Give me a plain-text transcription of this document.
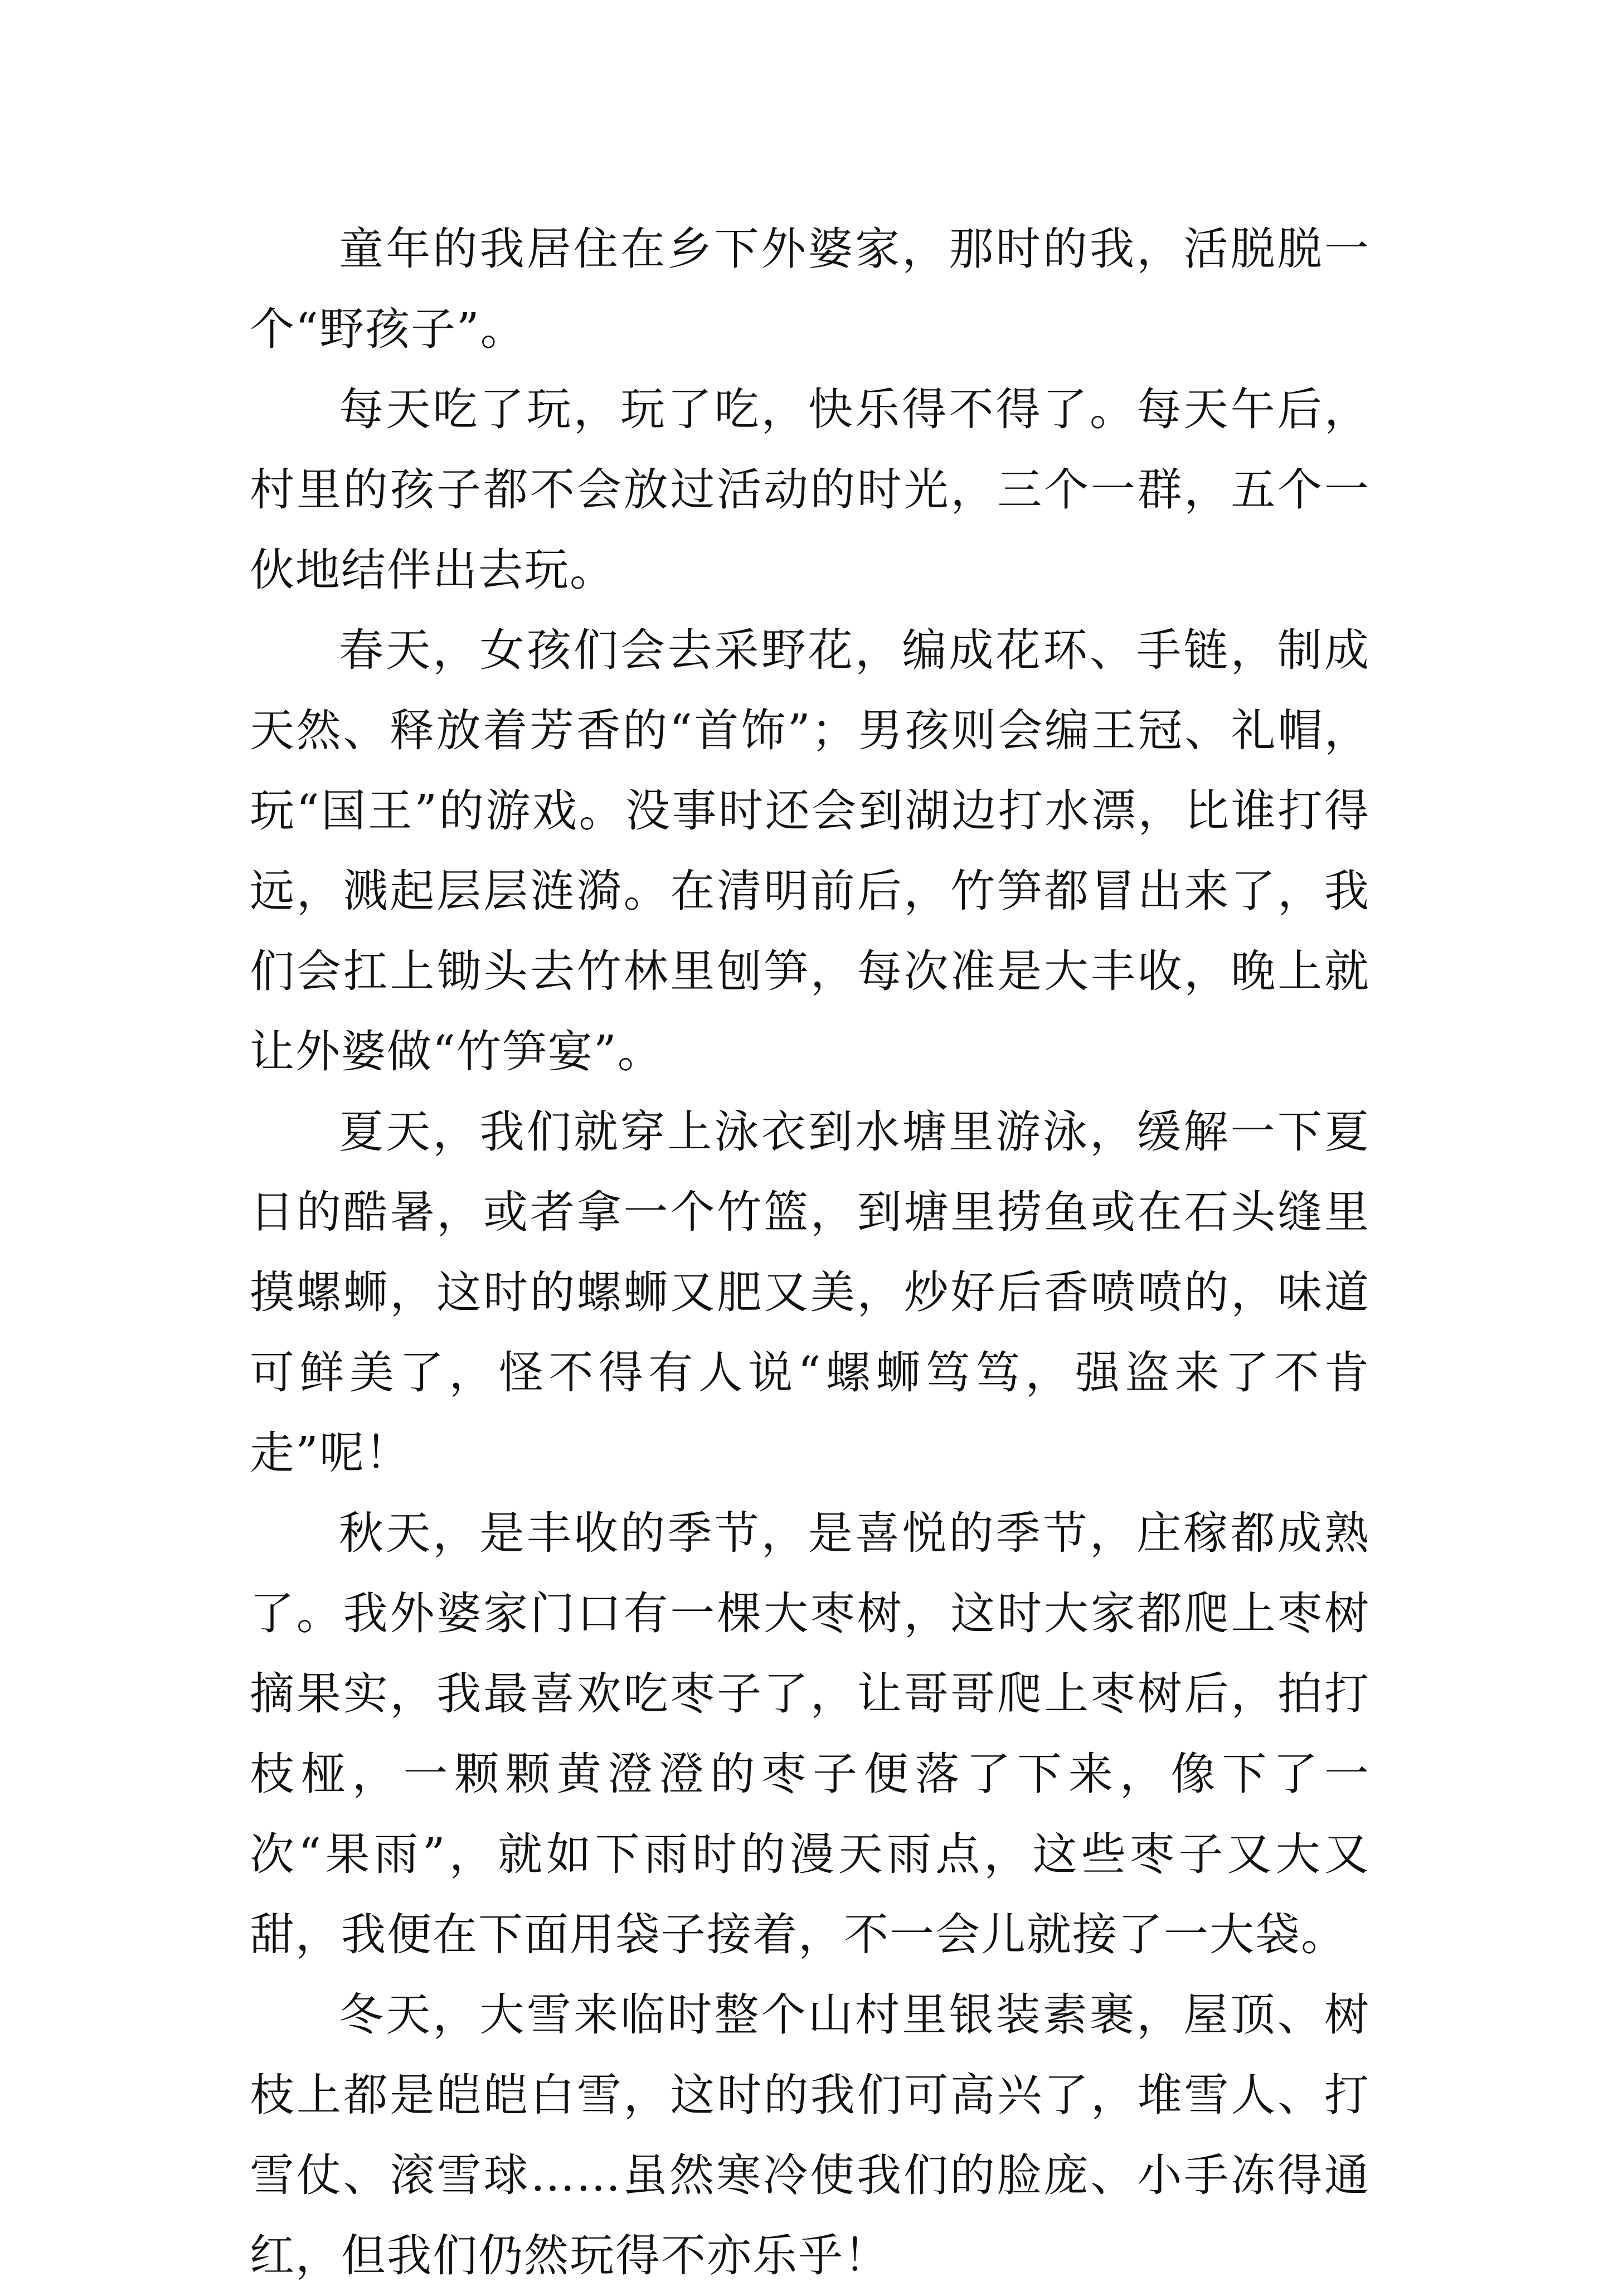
童年的我居住在乡下外婆家，那时的我，活脱脱一个“野孩子”。

每天吃了玩，玩了吃，快乐得不得了。每天午后，村里的孩子都不会放过活动的时光，三个一群，五个一伙地结伴出去玩。

春天，女孩们会去采野花，编成花环、手链，制成天然、释放着芳香的“首饰”；男孩则会编王冠、礼帽，玩“国王”的游戏。没事时还会到湖边打水漂，比谁打得远，溅起层层涟漪。在清明前后，竹笋都冒出来了，我们会扛上锄头去竹林里刨笋，每次准是大丰收，晚上就让外婆做“竹笋宴”。

夏天，我们就穿上泳衣到水塘里游泳，缓解一下夏日的酷暑，或者拿一个竹篮，到塘里捞鱼或在石头缝里摸螺蛳，这时的螺蛳又肥又美，炒好后香喷喷的，味道可鲜美了，怪不得有人说“螺蛳笃笃，强盗来了不肯走”呢！

秋天，是丰收的季节，是喜悦的季节，庄稼都成熟了。我外婆家门口有一棵大枣树，这时大家都爬上枣树摘果实，我最喜欢吃枣子了，让哥哥爬上枣树后，拍打枝桠，一颗颗黄澄澄的枣子便落了下来，像下了一次“果雨”，就如下雨时的漫天雨点，这些枣子又大又甜，我便在下面用袋子接着，不一会儿就接了一大袋。

冬天，大雪来临时整个山村里银装素裹，屋顶、树枝上都是皑皑白雪，这时的我们可高兴了，堆雪人、打雪仗、滚雪球……虽然寒冷使我们的脸庞、小手冻得通红，但我们仍然玩得不亦乐乎！
